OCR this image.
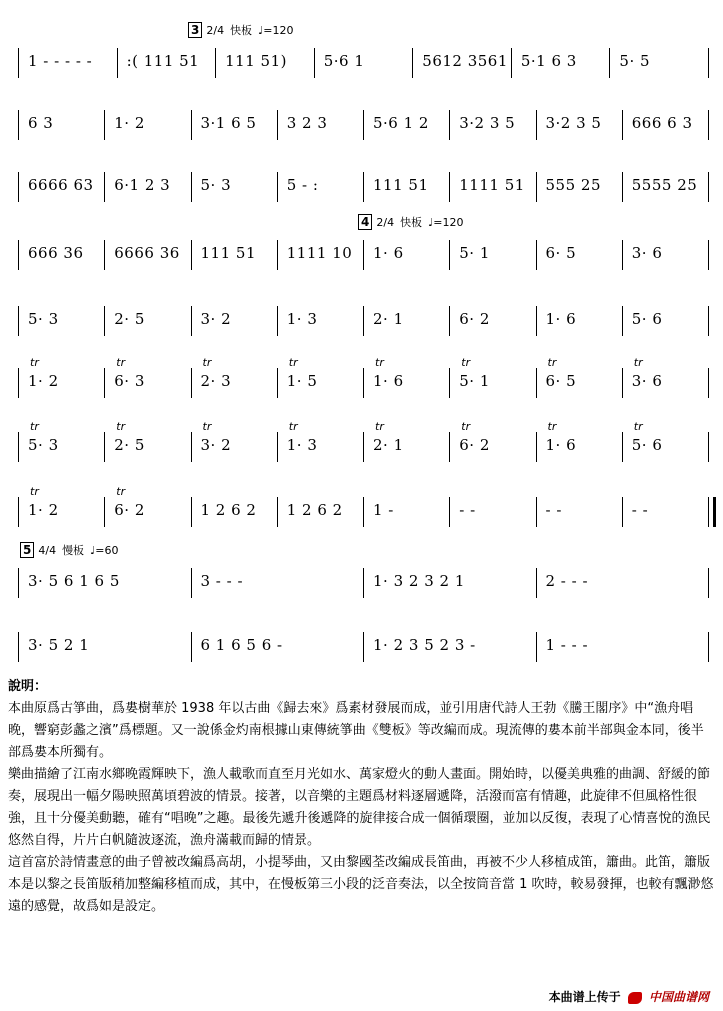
1 - - - - - :( 111 51 111 51) 5·6 1	5612 3561 5·1 6 3	5· 5
6 3	1· 2	3·1 6 5 3 2 3	5·6 1 2 3·2 3 5 3·2 3 5 666 6 3
6666 63 6·1 2 3 5· 3	5 - :	111 51 1111 51 555 25 5555 25
666 36 6666 36 111 51 1111 10 1· 6	5· 1	6· 5	3· 6
5· 3	2· 5	3· 2	1· 3	2· 1	6· 2	1· 6	5· 6
1· 2
tr
6· 3
tr
2· 3
tr
1· 5
tr
1· 6
tr
5· 1
tr
6· 5
tr
3· 6
tr
5· 3
tr
2· 5
tr
3· 2
tr
1· 3
tr
2· 1
tr
6· 2
tr
1· 6
tr
5· 6
tr
1· 2
tr
6· 2
tr
1 2 6 2 1 2 6 2 1 -	- -	- -	- -
3· 5 6 1 6 5	3 - - -	1· 3 2 3 2 1	2 - - -
3· 5 2 1	6 1 6 5 6 -	1· 2 3 5 2 3 -	1 - - -
3 2/4 快板 ♩=120
4 2/4 快板 ♩=120
5 4/4 慢板 ♩=60

說明：

本曲原爲古箏曲，爲婁樹華於 1938 年以古曲《歸去來》爲素材發展而成，並引用唐代詩人王勃《騰王閣序》中“漁舟唱晚，響窮彭蠡之濱”爲標題。又一說係金灼南根據山東傳統箏曲《雙板》等改編而成。現流傳的婁本前半部與金本同，後半部爲婁本所獨有。

樂曲描繪了江南水鄉晚霞輝映下，漁人載歌而直至月光如水、萬家燈火的動人畫面。開始時，以優美典雅的曲調、舒緩的節奏，展現出一幅夕陽映照萬頃碧波的情景。接著，以音樂的主題爲材料逐層遞降，活潑而富有情趣，此旋律不但風格性很強，且十分優美動聽，確有“唱晚”之趣。最後先遞升後遞降的旋律接合成一個循環圈，並加以反復，表現了心情喜悅的漁民悠然自得，片片白帆隨波逐流，漁舟滿載而歸的情景。

這首富於詩情畫意的曲子曾被改編爲高胡，小提琴曲，又由黎國荃改編成長笛曲，再被不少人移植成笛，簫曲。此笛，簫版本是以黎之長笛版稍加整編移植而成，其中，在慢板第三小段的泛音奏法，以全按筒音當 1 吹時，較易發揮，也較有飄渺悠遠的感覺，故爲如是設定。

本曲谱上传于 中国曲谱网
